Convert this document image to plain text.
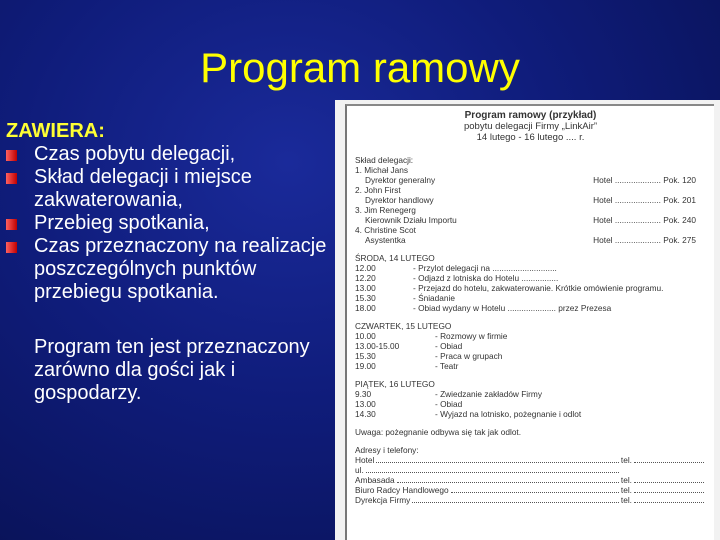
Program ramowy
ZAWIERA:
Czas pobytu delegacji,
Skład delegacji i miejsce zakwaterowania,
Przebieg spotkania,
Czas przeznaczony na realizacje poszczególnych punktów przebiegu spotkania.
Program ten jest przeznaczony zarówno dla gości jak i gospodarzy.
Program ramowy (przykład)
pobytu delegacji Firmy „LinkAir”
14 lutego - 16 lutego .... r.
Skład delegacji:
1. Michał Jans
Dyrektor generalny	Hotel .................... Pok. 120
2. John First
Dyrektor handlowy	Hotel .................... Pok. 201
3. Jim Renegerg
Kierownik Działu Importu	Hotel .................... Pok. 240
4. Christine Scot
Asystentka	Hotel .................... Pok. 275
ŚRODA, 14 LUTEGO
12.00	- Przylot delegacji na ............................
12.20	- Odjazd z lotniska do Hotelu ................
13.00	- Przejazd do hotelu, zakwaterowanie. Krótkie omówienie programu.
15.30	- Śniadanie
18.00	- Obiad wydany w Hotelu ..................... przez Prezesa
CZWARTEK, 15 LUTEGO
10.00	- Rozmowy w firmie
13.00-15.00	- Obiad
15.30	- Praca w grupach
19.00	- Teatr
PIĄTEK, 16 LUTEGO
9.30	- Zwiedzanie zakładów Firmy
13.00	- Obiad
14.30	- Wyjazd na lotnisko, pożegnanie i odlot
Uwaga: pożegnanie odbywa się tak jak odlot.
Adresy i telefony:
Hotel	tel.
ul.
Ambasada	tel.
Biuro Radcy Handlowego	tel.
Dyrekcja Firmy	tel.
